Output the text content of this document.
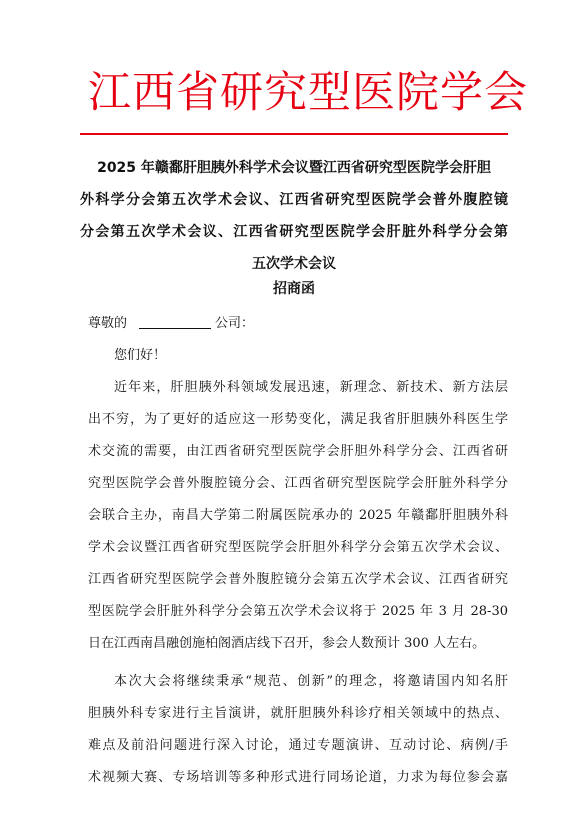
江西省研究型医院学会
2025 年赣鄱肝胆胰外科学术会议暨江西省研究型医院学会肝胆
外科学分会第五次学术会议、江西省研究型医院学会普外腹腔镜
分会第五次学术会议、江西省研究型医院学会肝脏外科学分会第
五次学术会议
招商函
尊敬的	公司：
您们好！

近年来，肝胆胰外科领域发展迅速，新理念、新技术、新方法层
出不穷，为了更好的适应这一形势变化，满足我省肝胆胰外科医生学
术交流的需要，由江西省研究型医院学会肝胆外科学分会、江西省研
究型医院学会普外腹腔镜分会、江西省研究型医院学会肝脏外科学分
会联合主办，南昌大学第二附属医院承办的 2025 年赣鄱肝胆胰外科
学术会议暨江西省研究型医院学会肝胆外科学分会第五次学术会议、
江西省研究型医院学会普外腹腔镜分会第五次学术会议、江西省研究
型医院学会肝脏外科学分会第五次学术会议将于 2025 年 3 月 28-30
日在江西南昌融创施柏阁酒店线下召开，参会人数预计 300 人左右。

本次大会将继续秉承“规范、创新”的理念，将邀请国内知名肝
胆胰外科专家进行主旨演讲，就肝胆胰外科诊疗相关领域中的热点、
难点及前沿问题进行深入讨论，通过专题演讲、互动讨论、病例/手
术视频大赛、专场培训等多种形式进行同场论道，力求为每位参会嘉
